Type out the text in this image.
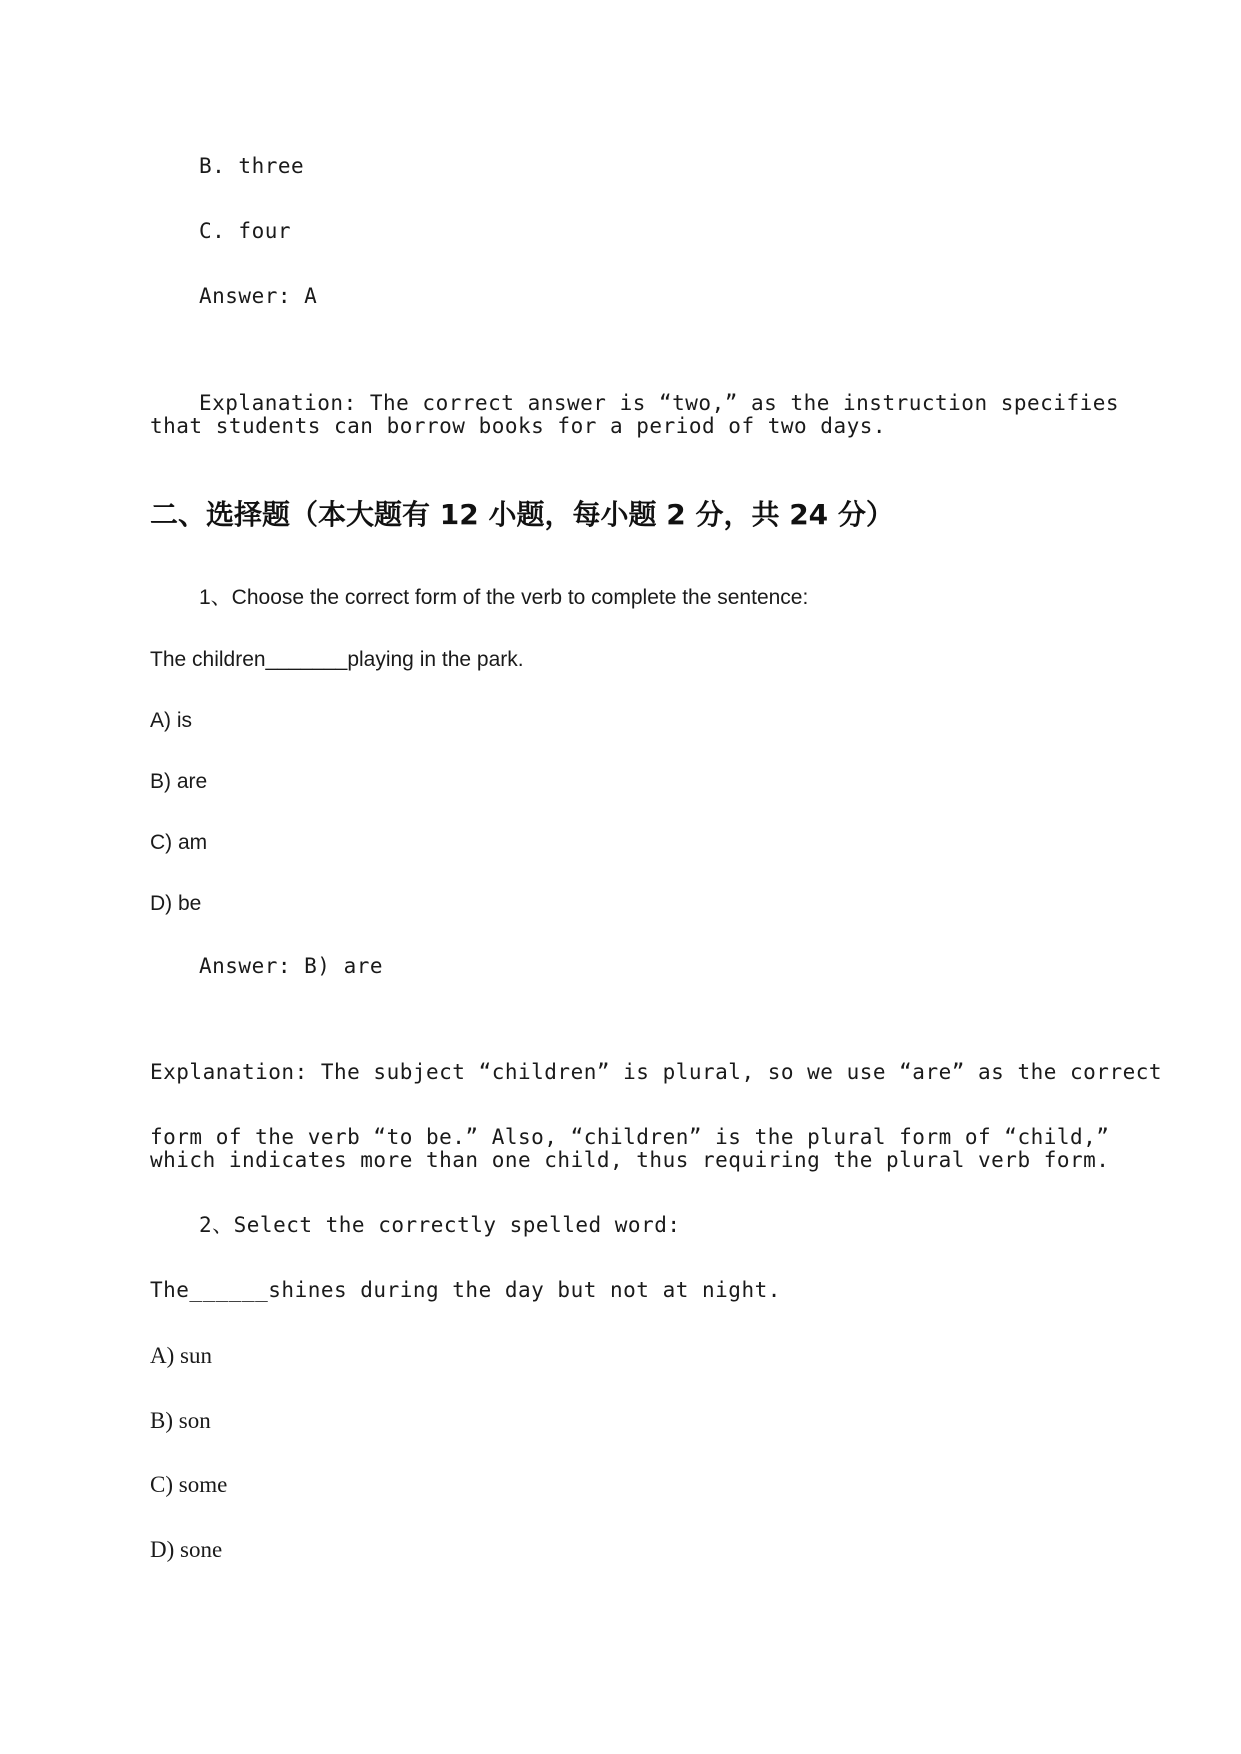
B. three
C. four
Answer: A

Explanation: The correct answer is “two,” as the instruction specifies

that students can borrow books for a period of two days.
二、选择题（本大题有 12 小题，每小题 2 分，共 24 分）
1、Choose the correct form of the verb to complete the sentence:
The children_______playing in the park.
A) is
B) are
C) am
D) be
Answer: B) are

Explanation: The subject “children” is plural, so we use “are” as the correct

form of the verb “to be.” Also, “children” is the plural form of “child,”

which indicates more than one child, thus requiring the plural verb form.
2、Select the correctly spelled word:
The______shines during the day but not at night.
A) sun
B) son
C) some
D) sone
